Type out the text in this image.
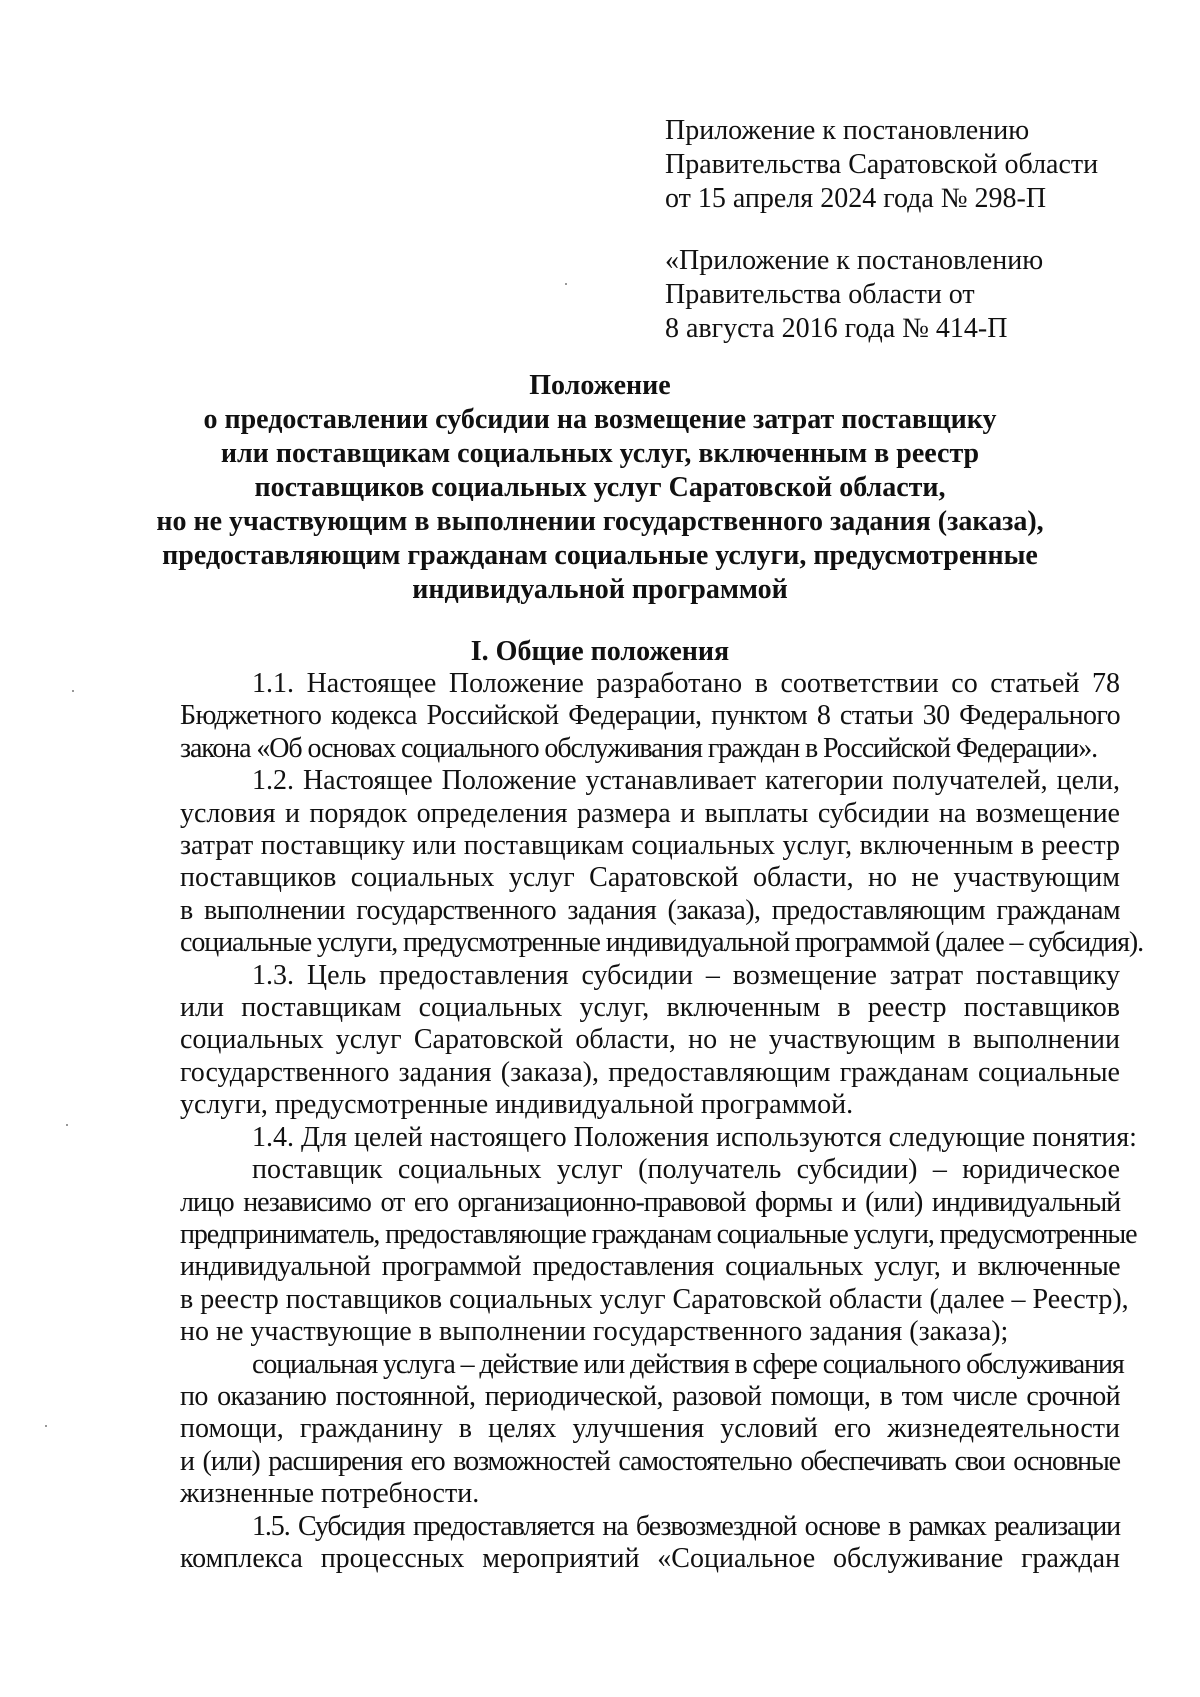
Приложение к постановлению
Правительства Саратовской области
от 15 апреля 2024 года № 298-П
«Приложение к постановлению
Правительства области от
8 августа 2016 года № 414-П
Положение
о предоставлении субсидии на возмещение затрат поставщику
или поставщикам социальных услуг, включенным в реестр
поставщиков социальных услуг Саратовской области,
но не участвующим в выполнении государственного задания (заказа),
предоставляющим гражданам социальные услуги, предусмотренные
индивидуальной программой
I. Общие положения
1.1. Настоящее Положение разработано в соответствии со статьей 78
Бюджетного кодекса Российской Федерации, пунктом 8 статьи 30 Федерального
закона «Об основах социального обслуживания граждан в Российской Федерации».
1.2. Настоящее Положение устанавливает категории получателей, цели,
условия и порядок определения размера и выплаты субсидии на возмещение
затрат поставщику или поставщикам социальных услуг, включенным в реестр
поставщиков социальных услуг Саратовской области, но не участвующим
в выполнении государственного задания (заказа), предоставляющим гражданам
социальные услуги, предусмотренные индивидуальной программой (далее – субсидия).
1.3. Цель предоставления субсидии – возмещение затрат поставщику
или поставщикам социальных услуг, включенным в реестр поставщиков
социальных услуг Саратовской области, но не участвующим в выполнении
государственного задания (заказа), предоставляющим гражданам социальные
услуги, предусмотренные индивидуальной программой.
1.4. Для целей настоящего Положения используются следующие понятия:
поставщик социальных услуг (получатель субсидии) – юридическое
лицо независимо от его организационно-правовой формы и (или) индивидуальный
предприниматель, предоставляющие гражданам социальные услуги, предусмотренные
индивидуальной программой предоставления социальных услуг, и включенные
в реестр поставщиков социальных услуг Саратовской области (далее – Реестр),
но не участвующие в выполнении государственного задания (заказа);
социальная услуга – действие или действия в сфере социального обслуживания
по оказанию постоянной, периодической, разовой помощи, в том числе срочной
помощи, гражданину в целях улучшения условий его жизнедеятельности
и (или) расширения его возможностей самостоятельно обеспечивать свои основные
жизненные потребности.
1.5. Субсидия предоставляется на безвозмездной основе в рамках реализации
комплекса процессных мероприятий «Социальное обслуживание граждан
